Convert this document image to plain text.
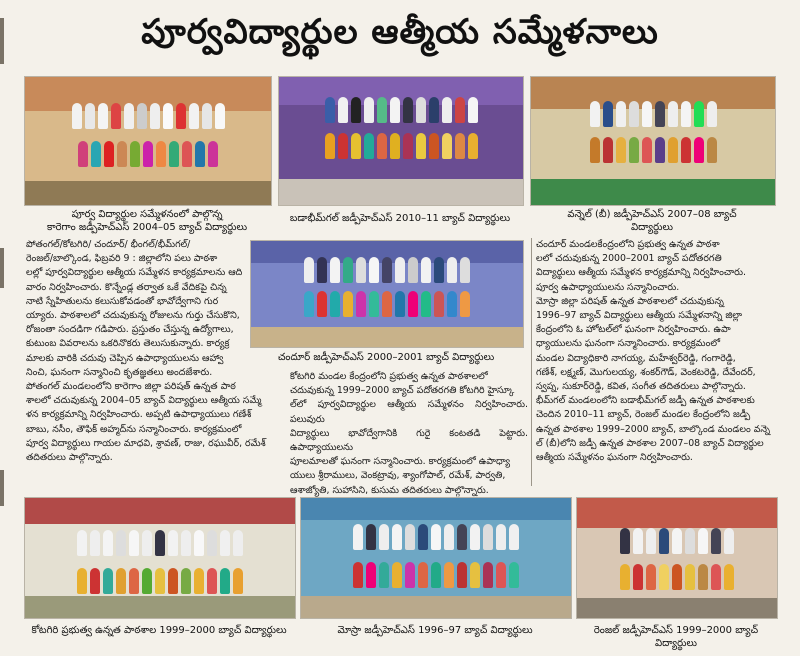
పూర్వవిద్యార్థుల ఆత్మీయ సమ్మేళనాలు
పూర్వ విద్యార్థుల సమ్మేళనంలో పాల్గొన్న
కారెగాం జడ్పీహెచ్ఎస్ 2004–05 బ్యాచ్ విద్యార్థులు
బడాభీమ్‌గల్ జడ్పీహెచ్ఎస్ 2010–11 బ్యాచ్ విద్యార్థులు	వన్నెల్ (బీ) జడ్పీహెచ్ఎస్ 2007–08 బ్యాచ్
విద్యార్థులు
పోతంగల్/కోటగిరి/ చందూర్/ భీంగల్/భీమ్‌గల్/
రెంజల్/బాల్కొండ, ఫిబ్రవరి 9 : జిల్లాలోని పలు పాఠశా
లల్లో పూర్వవిద్యార్థుల ఆత్మీయ సమ్మేళన కార్యక్రమాలను ఆది
వారం నిర్వహించారు. కొన్నేండ్ల తర్వాత ఒకే వేదికపై చిన్న
నాటి స్నేహితులను కలుసుకోవడంతో భావోద్వేగాని గుర
య్యారు. పాఠశాలలో చదువుకున్న రోజులను గుర్తు చేసుకొని,
రోజంతా సందడిగా గడిపారు. ప్రస్తుతం చేస్తున్న ఉద్యోగాలు,
కుటుంబ వివరాలను ఒకరినొకరు తెలుసుకున్నారు. కార్యక్ర
మాలకు వారికి చదువు చెప్పిన ఉపాధ్యాయులను ఆహ్వా
నించి, ఘనంగా సన్మానించి కృతజ్ఞతలు అందజేశారు.
పోతంగల్ మండలంలోని కారెగాం జిల్లా పరిషత్ ఉన్నత పాఠ
శాలలో చదువుకున్న 2004–05 బ్యాచ్ విద్యార్థులు ఆత్మీయ సమ్మే
ళన కార్యక్రమాన్ని నిర్వహించారు. అప్పటి ఉపాధ్యాయులు గణేశ్
బాబు, నసీం, తౌఫిక్ అహ్మద్‌ను సన్మానించారు. కార్యక్రమంలో
పూర్వ విద్యార్థులు గాయల మాధవి, శ్రావణ్, రాజు, రఘువీర్, రమేశ్
తదితరులు పాల్గొన్నారు.
చందూర్ జడ్పీహెచ్ఎస్ 2000–2001 బ్యాచ్ విద్యార్థులు
కోటగిరి మండల కేంద్రంలోని ప్రభుత్వ ఉన్నత పాఠశాలలో
చదువుకున్న 1999–2000 బ్యాచ్ పదోతరగతి కోటగిరి హైస్కూ
ల్‌లో పూర్వవిద్యార్థుల ఆత్మీయ సమ్మేళనం నిర్వహించారు. పలువురు
విద్యార్థులు భావోద్వేగానికి గురై కంటతడి పెట్టారు. ఉపాధ్యాయులను
పూలమాలతో ఘనంగా సన్మానించారు. కార్యక్రమంలో ఉపాధ్యా
యులు శ్రీరాములు, వెంకట్రావు, శ్యాంగోపాల్, రమేశ్, పార్వతి,
ఆశాజ్యోతి, సుహాసిని, కుసుమ తదితరులు పాల్గొన్నారు.
చందూర్ మండలకేంద్రంలోని ప్రభుత్వ ఉన్నత పాఠశా
లలో చదువుకున్న 2000–2001 బ్యాచ్ పదోతరగతి
విద్యార్థులు ఆత్మీయ సమ్మేళన కార్యక్రమాన్ని నిర్వహించారు.
పూర్వ ఉపాధ్యాయులను సన్మానించారు.
మోస్రా జిల్లా పరిషత్ ఉన్నత పాఠశాలలో చదువుకున్న
1996–97 బ్యాచ్ విద్యార్థులు ఆత్మీయ సమ్మేళనాన్ని జిల్లా
కేంద్రంలోని ఓ హోటల్‌లో ఘనంగా నిర్వహించారు. ఉపా
ధ్యాయులను ఘనంగా సన్మానించారు. కార్యక్రమంలో
మండల విద్యాధికారి నాగయ్య, మహేశ్వర్‌రెడ్డి, గంగారెడ్డి,
గణేశ్, లక్ష్మణ్, మొగులయ్య, శంకర్‌గౌడ్, వెంకటరెడ్డి, దేవేందర్,
స్వప్న, సుకూర్‌రెడ్డి, కవిత, సంగీత తదితరులు పాల్గొన్నారు.
భీమ్‌గల్ మండలంలోని బడాభీమ్‌గల్ జడ్పీ ఉన్నత పాఠశాలకు
చెందిన 2010–11 బ్యాచ్, రెంజల్ మండల కేంద్రంలోని జడ్పీ
ఉన్నత పాఠశాల 1999–2000 బ్యాచ్, బాల్కొండ మండలం వన్నె
ల్ (బీ)లోని జడ్పీ ఉన్నత పాఠశాల 2007–08 బ్యాచ్ విద్యార్థుల
ఆత్మీయ సమ్మేళనం ఘనంగా నిర్వహించారు.
కోటగిరి ప్రభుత్వ ఉన్నత పాఠశాల 1999–2000 బ్యాచ్ విద్యార్థులు	మోస్రా జడ్పీహెచ్ఎస్ 1996–97 బ్యాచ్ విద్యార్థులు	రెంజల్ జడ్పీహెచ్ఎస్ 1999–2000 బ్యాచ్ విద్యార్థులు
